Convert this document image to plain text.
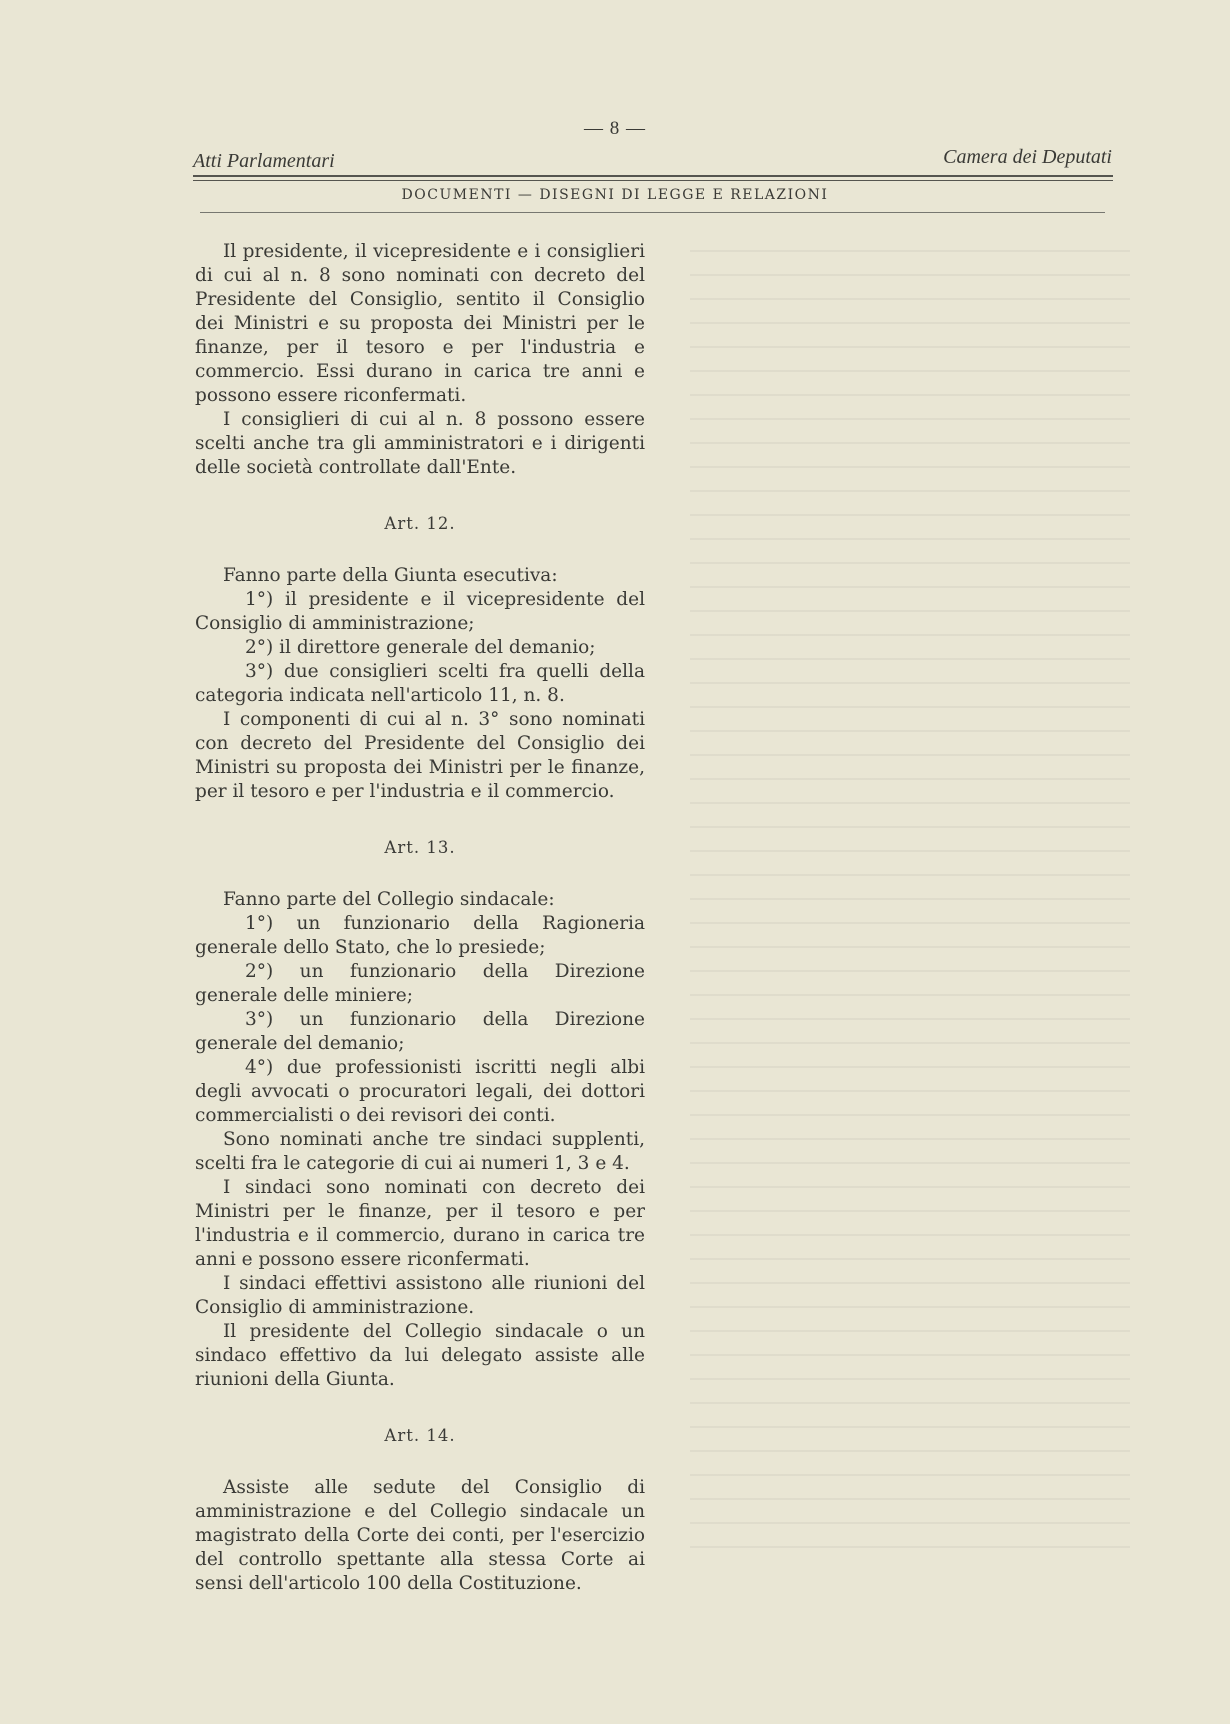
— 8 —
Atti Parlamentari	Camera dei Deputati
DOCUMENTI — DISEGNI DI LEGGE E RELAZIONI

Il presidente, il vicepresidente e i consiglieri di cui al n. 8 sono nominati con decreto del Presidente del Consiglio, sentito il Consiglio dei Ministri e su proposta dei Ministri per le finanze, per il tesoro e per l'industria e commercio. Essi durano in carica tre anni e possono essere riconfermati.

I consiglieri di cui al n. 8 possono essere scelti anche tra gli amministratori e i dirigenti delle società controllate dall'Ente.

Art. 12.

Fanno parte della Giunta esecutiva:

1°) il presidente e il vicepresidente del Consiglio di amministrazione;

2°) il direttore generale del demanio;

3°) due consiglieri scelti fra quelli della categoria indicata nell'articolo 11, n. 8.

I componenti di cui al n. 3° sono nominati con decreto del Presidente del Consiglio dei Ministri su proposta dei Ministri per le finanze, per il tesoro e per l'industria e il commercio.

Art. 13.

Fanno parte del Collegio sindacale:

1°) un funzionario della Ragioneria generale dello Stato, che lo presiede;

2°) un funzionario della Direzione generale delle miniere;

3°) un funzionario della Direzione generale del demanio;

4°) due professionisti iscritti negli albi degli avvocati o procuratori legali, dei dottori commercialisti o dei revisori dei conti.

Sono nominati anche tre sindaci supplenti, scelti fra le categorie di cui ai numeri 1, 3 e 4.

I sindaci sono nominati con decreto dei Ministri per le finanze, per il tesoro e per l'industria e il commercio, durano in carica tre anni e possono essere riconfermati.

I sindaci effettivi assistono alle riunioni del Consiglio di amministrazione.

Il presidente del Collegio sindacale o un sindaco effettivo da lui delegato assiste alle riunioni della Giunta.

Art. 14.

Assiste alle sedute del Consiglio di amministrazione e del Collegio sindacale un magistrato della Corte dei conti, per l'esercizio del controllo spettante alla stessa Corte ai sensi dell'articolo 100 della Costituzione.
